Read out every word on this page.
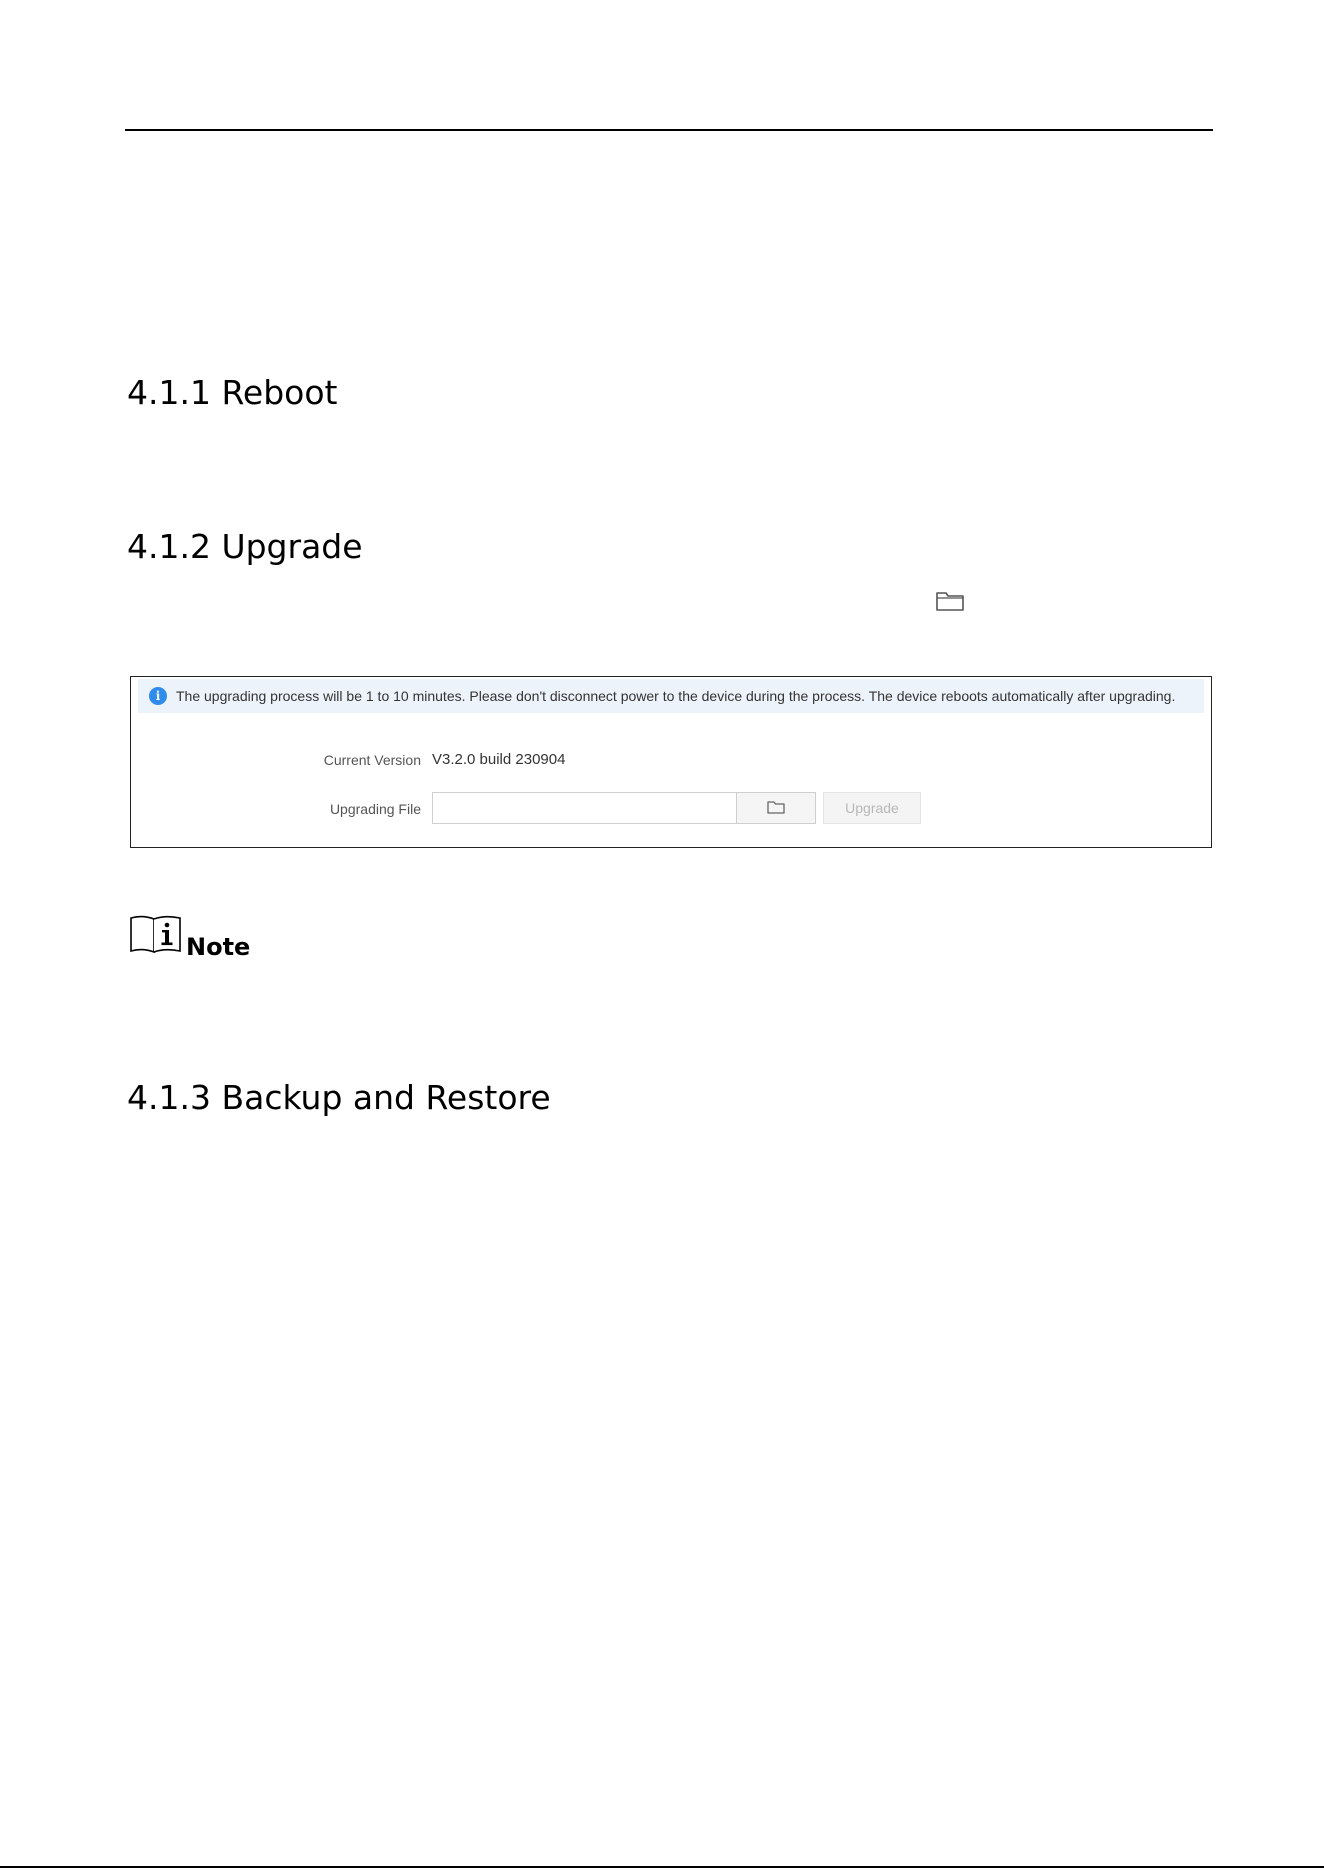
4.1.1 Reboot
4.1.2 Upgrade
i	The upgrading process will be 1 to 10 minutes. Please don't disconnect power to the device during the process. The device reboots automatically after upgrading.
Current Version V3.2.0 build 230904
Upgrading File	Upgrade
Note
4.1.3 Backup and Restore
